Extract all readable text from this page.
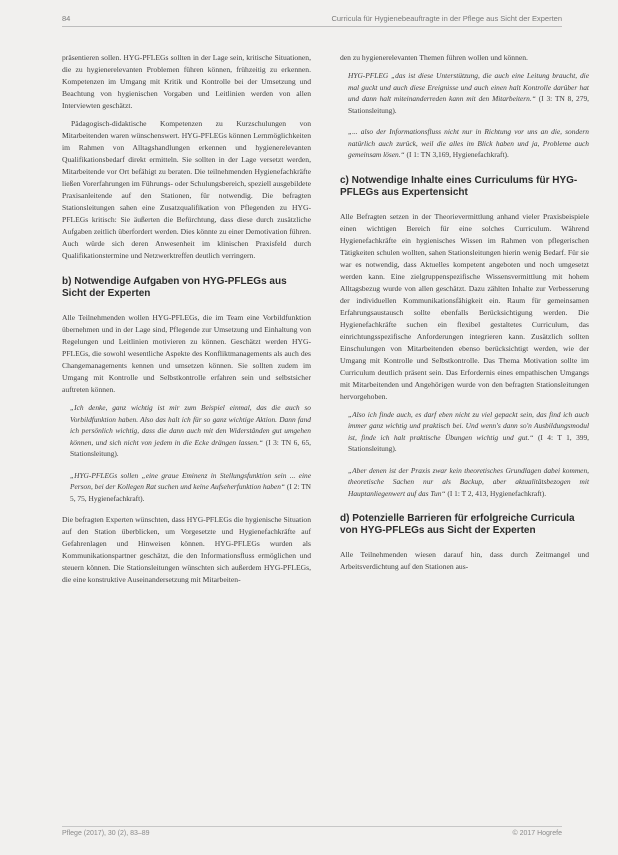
84	Curricula für Hygienebeauftragte in der Pflege aus Sicht der Experten

präsentieren sollen. HYG-PFLEGs sollten in der Lage sein, kritische Situationen, die zu hygienerelevanten Problemen führen können, frühzeitig zu erkennen. Kompetenzen im Umgang mit Kritik und Kontrolle bei der Umsetzung und Beachtung von hygienischen Vorgaben und Leitlinien werden von allen Interviewten geschätzt.

Pädagogisch-didaktische Kompetenzen zu Kurzschulungen von Mitarbeitenden waren wünschenswert. HYG-PFLEGs können Lernmöglichkeiten im Rahmen von Alltagshandlungen erkennen und hygienerelevanten Qualifikationsbedarf direkt ermitteln. Sie sollten in der Lage versetzt werden, Mitarbeitende vor Ort befähigt zu beraten. Die teilnehmenden Hygienefachkräfte ließen Vorerfahrungen im Führungs- oder Schulungsbereich, speziell ausgebildete Praxisanleitende auf den Stationen, für notwendig. Die befragten Stationsleitungen sahen eine Zusatzqualifikation von Pflegenden zu HYG-PFLEGs kritisch: Sie äußerten die Befürchtung, dass diese durch zusätzliche Aufgaben zeitlich überfordert werden. Dies könnte zu einer Demotivation führen. Auch würde sich deren Anwesenheit im klinischen Praxisfeld durch Qualifikationstermine und Netzwerktreffen deutlich verringern.

b) Notwendige Aufgaben von HYG-PFLEGs aus Sicht der Experten

Alle Teilnehmenden wollen HYG-PFLEGs, die im Team eine Vorbildfunktion übernehmen und in der Lage sind, Pflegende zur Umsetzung und Einhaltung von Regelungen und Leitlinien motivieren zu können. Geschätzt werden HYG-PFLEGs, die sowohl wesentliche Aspekte des Konfliktmanagements als auch des Changemanagements kennen und umsetzen können. Sie sollten zudem im Umgang mit Kontrolle und Selbstkontrolle erfahren sein und selbstsicher auftreten können.

„Ich denke, ganz wichtig ist mir zum Beispiel einmal, das die auch so Vorbildfunktion haben. Also das halt ich für so ganz wichtige Aktion. Dann fand ich persönlich wichtig, dass die dann auch mit den Widerständen gut umgehen können, und sich nicht von jedem in die Ecke drängen lassen.“ (I 3: TN 6, 65, Stationsleitung).
„HYG-PFLEGs sollen „eine graue Eminenz in Stellungsfunktion sein ... eine Person, bei der Kollegen Rat suchen und keine Aufseherfunktion haben“ (I 2: TN 5, 75, Hygienefachkraft).

Die befragten Experten wünschten, dass HYG-PFLEGs die hygienische Situation auf den Station überblicken, um Vorgesetzte und Hygienefachkräfte auf Gefahrenlagen und Hinweisen können. HYG-PFLEGs wurden als Kommunikationspartner geschätzt, die den Informationsfluss ermöglichen und steuern können. Die Stationsleitungen wünschten sich außerdem HYG-PFLEGs, die eine konstruktive Auseinandersetzung mit Mitarbeiten-

den zu hygienerelevanten Themen führen wollen und können.

HYG-PFLEG „das ist diese Unterstützung, die auch eine Leitung braucht, die mal guckt und auch diese Ereignisse und auch einen halt Kontrolle darüber hat und dann halt miteinanderreden kann mit den Mitarbeitern.“ (I 3: TN 8, 279, Stationsleitung).
„... also der Informationsfluss nicht nur in Richtung vor uns an die, sondern natürlich auch zurück, weil die alles im Blick haben und ja, Probleme auch gemeinsam lösen.“ (I 1: TN 3,169, Hygienefachkraft).
c) Notwendige Inhalte eines Curriculums für HYG-PFLEGs aus Expertensicht

Alle Befragten setzen in der Theorievermittlung anhand vieler Praxisbeispiele einen wichtigen Bereich für eine solches Curriculum. Während Hygienefachkräfte ein hygienisches Wissen im Rahmen von pflegerischen Tätigkeiten schulen wollten, sahen Stationsleitungen hierin wenig Bedarf. Für sie war es notwendig, dass Aktuelles kompetent angeboten und noch umgesetzt werden kann. Eine zielgruppenspezifische Wissensvermittlung mit hohem Alltagsbezug wurde von allen geschätzt. Dazu zählten Inhalte zur Verbesserung der individuellen Kommunikationsfähigkeit ein. Raum für gemeinsamen Erfahrungsaustausch sollte ebenfalls Berücksichtigung werden. Die Hygienefachkräfte suchen ein flexibel gestaltetes Curriculum, das einrichtungsspezifische Anforderungen integrieren kann. Zusätzlich sollten Einschulungen von Mitarbeitenden ebenso berücksichtigt werden, wie der Umgang mit Kontrolle und Selbstkontrolle. Das Thema Motivation sollte im Curriculum deutlich präsent sein. Das Erfordernis eines empathischen Umgangs mit Mitarbeitenden und Angehörigen wurde von den befragten Stationsleitungen hervorgehoben.

„Also ich finde auch, es darf eben nicht zu viel gepackt sein, das find ich auch immer ganz wichtig und praktisch bei. Und wenn's dann so'n Ausbildungsmodul ist, finde ich halt praktische Übungen wichtig und gut.“ (I 4: T 1, 399, Stationsleitung).
„Aber denen ist der Praxis zwar kein theoretisches Grundlagen dabei kommen, theoretische Sachen nur als Backup, aber aktualitätsbezogen mit Hauptanliegenwert auf das Tun“ (I 1: T 2, 413, Hygienefachkraft).
d) Potenzielle Barrieren für erfolgreiche Curricula von HYG-PFLEGs aus Sicht der Experten

Alle Teilnehmenden wiesen darauf hin, dass durch Zeitmangel und Arbeitsverdichtung auf den Stationen aus-

Pflege (2017), 30 (2), 83–89	© 2017 Hogrefe
